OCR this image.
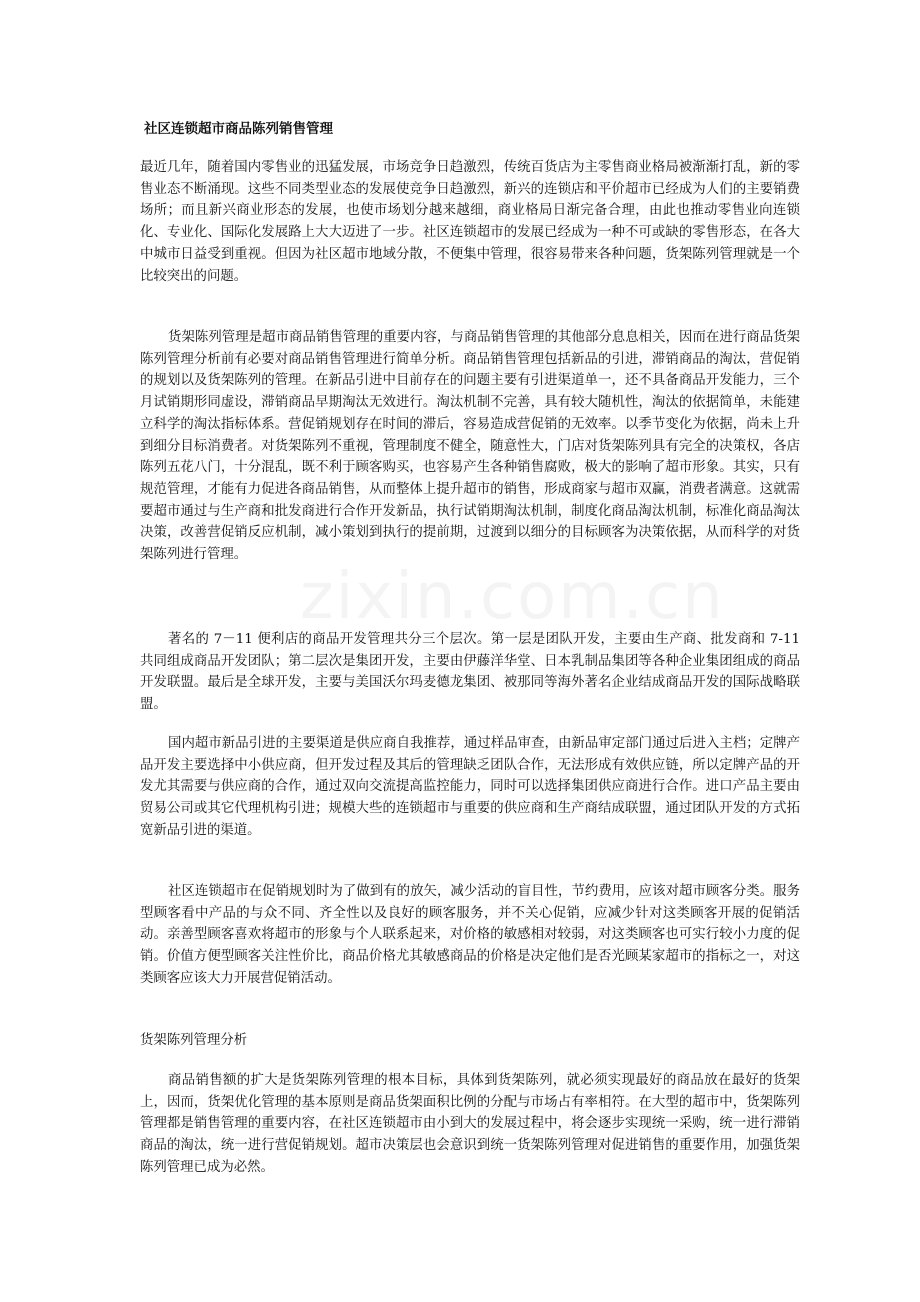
社区连锁超市商品陈列销售管理

最近几年，随着国内零售业的迅猛发展，市场竞争日趋激烈，传统百货店为主零售商业格局被渐渐打乱，新的零售业态不断涌现。这些不同类型业态的发展使竞争日趋激烈，新兴的连锁店和平价超市已经成为人们的主要销费场所；而且新兴商业形态的发展，也使市场划分越来越细，商业格局日渐完备合理，由此也推动零售业向连锁化、专业化、国际化发展路上大大迈进了一步。社区连锁超市的发展已经成为一种不可或缺的零售形态，在各大中城市日益受到重视。但因为社区超市地域分散，不便集中管理，很容易带来各种问题，货架陈列管理就是一个比较突出的问题。

货架陈列管理是超市商品销售管理的重要内容，与商品销售管理的其他部分息息相关，因而在进行商品货架陈列管理分析前有必要对商品销售管理进行简单分析。商品销售管理包括新品的引进，滞销商品的淘汰，营促销的规划以及货架陈列的管理。在新品引进中目前存在的问题主要有引进渠道单一，还不具备商品开发能力，三个月试销期形同虚设，滞销商品早期淘汰无效进行。淘汰机制不完善，具有较大随机性，淘汰的依据简单，未能建立科学的淘汰指标体系。营促销规划存在时间的滞后，容易造成营促销的无效率。以季节变化为依据，尚未上升到细分目标消费者。对货架陈列不重视，管理制度不健全，随意性大，门店对货架陈列具有完全的决策权，各店陈列五花八门，十分混乱，既不利于顾客购买，也容易产生各种销售腐败，极大的影响了超市形象。其实，只有规范管理，才能有力促进各商品销售，从而整体上提升超市的销售，形成商家与超市双赢，消费者满意。这就需要超市通过与生产商和批发商进行合作开发新品，执行试销期淘汰机制，制度化商品淘汰机制，标准化商品淘汰决策，改善营促销反应机制，减小策划到执行的提前期，过渡到以细分的目标顾客为决策依据，从而科学的对货架陈列进行管理。

著名的 7－11 便利店的商品开发管理共分三个层次。第一层是团队开发，主要由生产商、批发商和 7-11 共同组成商品开发团队；第二层次是集团开发，主要由伊藤洋华堂、日本乳制品集团等各种企业集团组成的商品开发联盟。最后是全球开发，主要与美国沃尔玛麦德龙集团、被那同等海外著名企业结成商品开发的国际战略联盟。

国内超市新品引进的主要渠道是供应商自我推荐，通过样品审查，由新品审定部门通过后进入主档；定牌产品开发主要选择中小供应商，但开发过程及其后的管理缺乏团队合作，无法形成有效供应链，所以定牌产品的开发尤其需要与供应商的合作，通过双向交流提高监控能力，同时可以选择集团供应商进行合作。进口产品主要由贸易公司或其它代理机构引进；规模大些的连锁超市与重要的供应商和生产商结成联盟，通过团队开发的方式拓宽新品引进的渠道。

社区连锁超市在促销规划时为了做到有的放矢，减少活动的盲目性，节约费用，应该对超市顾客分类。服务型顾客看中产品的与众不同、齐全性以及良好的顾客服务，并不关心促销，应减少针对这类顾客开展的促销活动。亲善型顾客喜欢将超市的形象与个人联系起来，对价格的敏感相对较弱，对这类顾客也可实行较小力度的促销。价值方便型顾客关注性价比，商品价格尤其敏感商品的价格是决定他们是否光顾某家超市的指标之一，对这类顾客应该大力开展营促销活动。

货架陈列管理分析

商品销售额的扩大是货架陈列管理的根本目标，具体到货架陈列，就必须实现最好的商品放在最好的货架上，因而，货架优化管理的基本原则是商品货架面积比例的分配与市场占有率相符。在大型的超市中，货架陈列管理都是销售管理的重要内容，在社区连锁超市由小到大的发展过程中，将会逐步实现统一采购，统一进行滞销商品的淘汰，统一进行营促销规划。超市决策层也会意识到统一货架陈列管理对促进销售的重要作用，加强货架陈列管理已成为必然。
